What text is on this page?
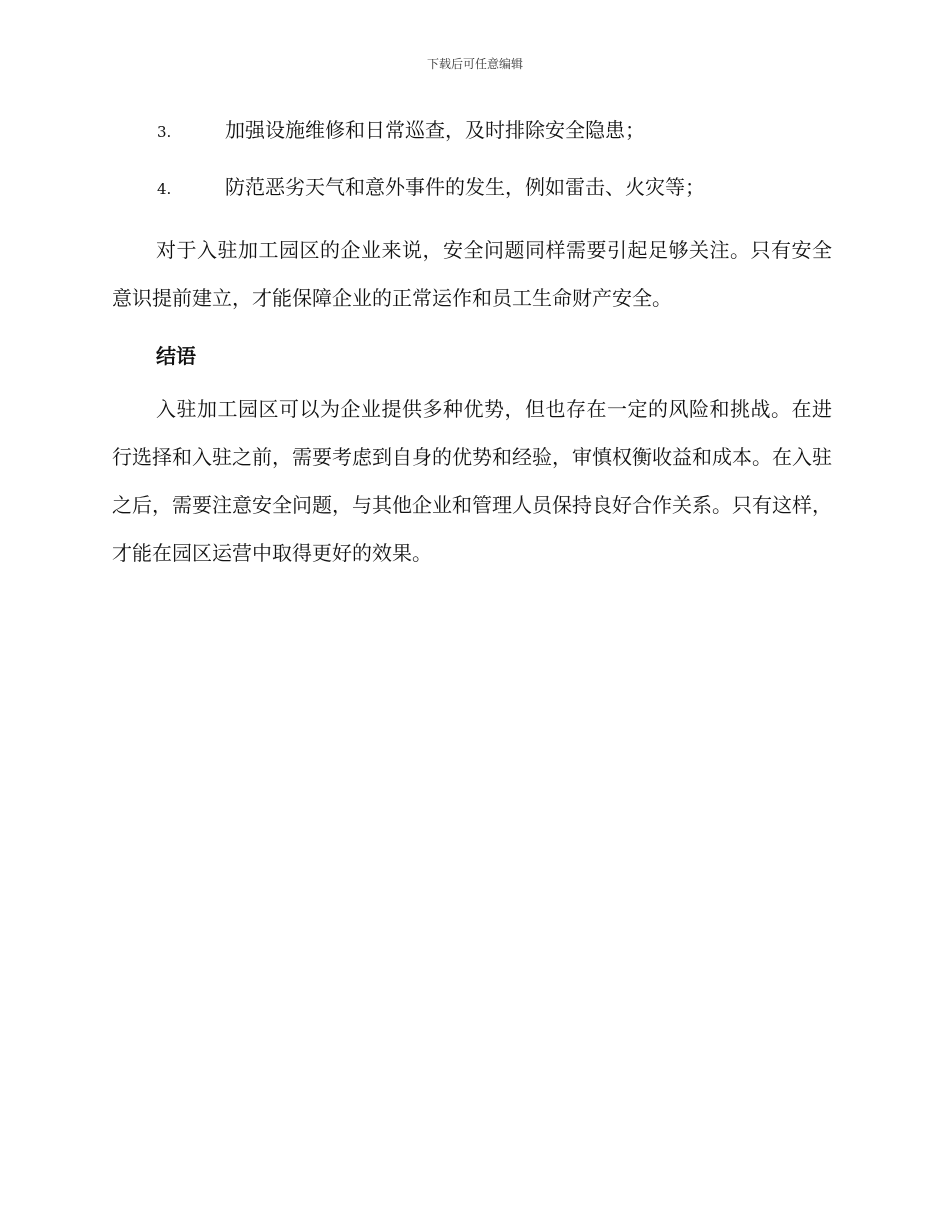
下载后可任意编辑
3.	加强设施维修和日常巡查，及时排除安全隐患；
4.	防范恶劣天气和意外事件的发生，例如雷击、火灾等；

对于入驻加工园区的企业来说，安全问题同样需要引起足够关注。只有安全意识提前建立，才能保障企业的正常运作和员工生命财产安全。

结语

入驻加工园区可以为企业提供多种优势，但也存在一定的风险和挑战。在进行选择和入驻之前，需要考虑到自身的优势和经验，审慎权衡收益和成本。在入驻之后，需要注意安全问题，与其他企业和管理人员保持良好合作关系。只有这样，才能在园区运营中取得更好的效果。
